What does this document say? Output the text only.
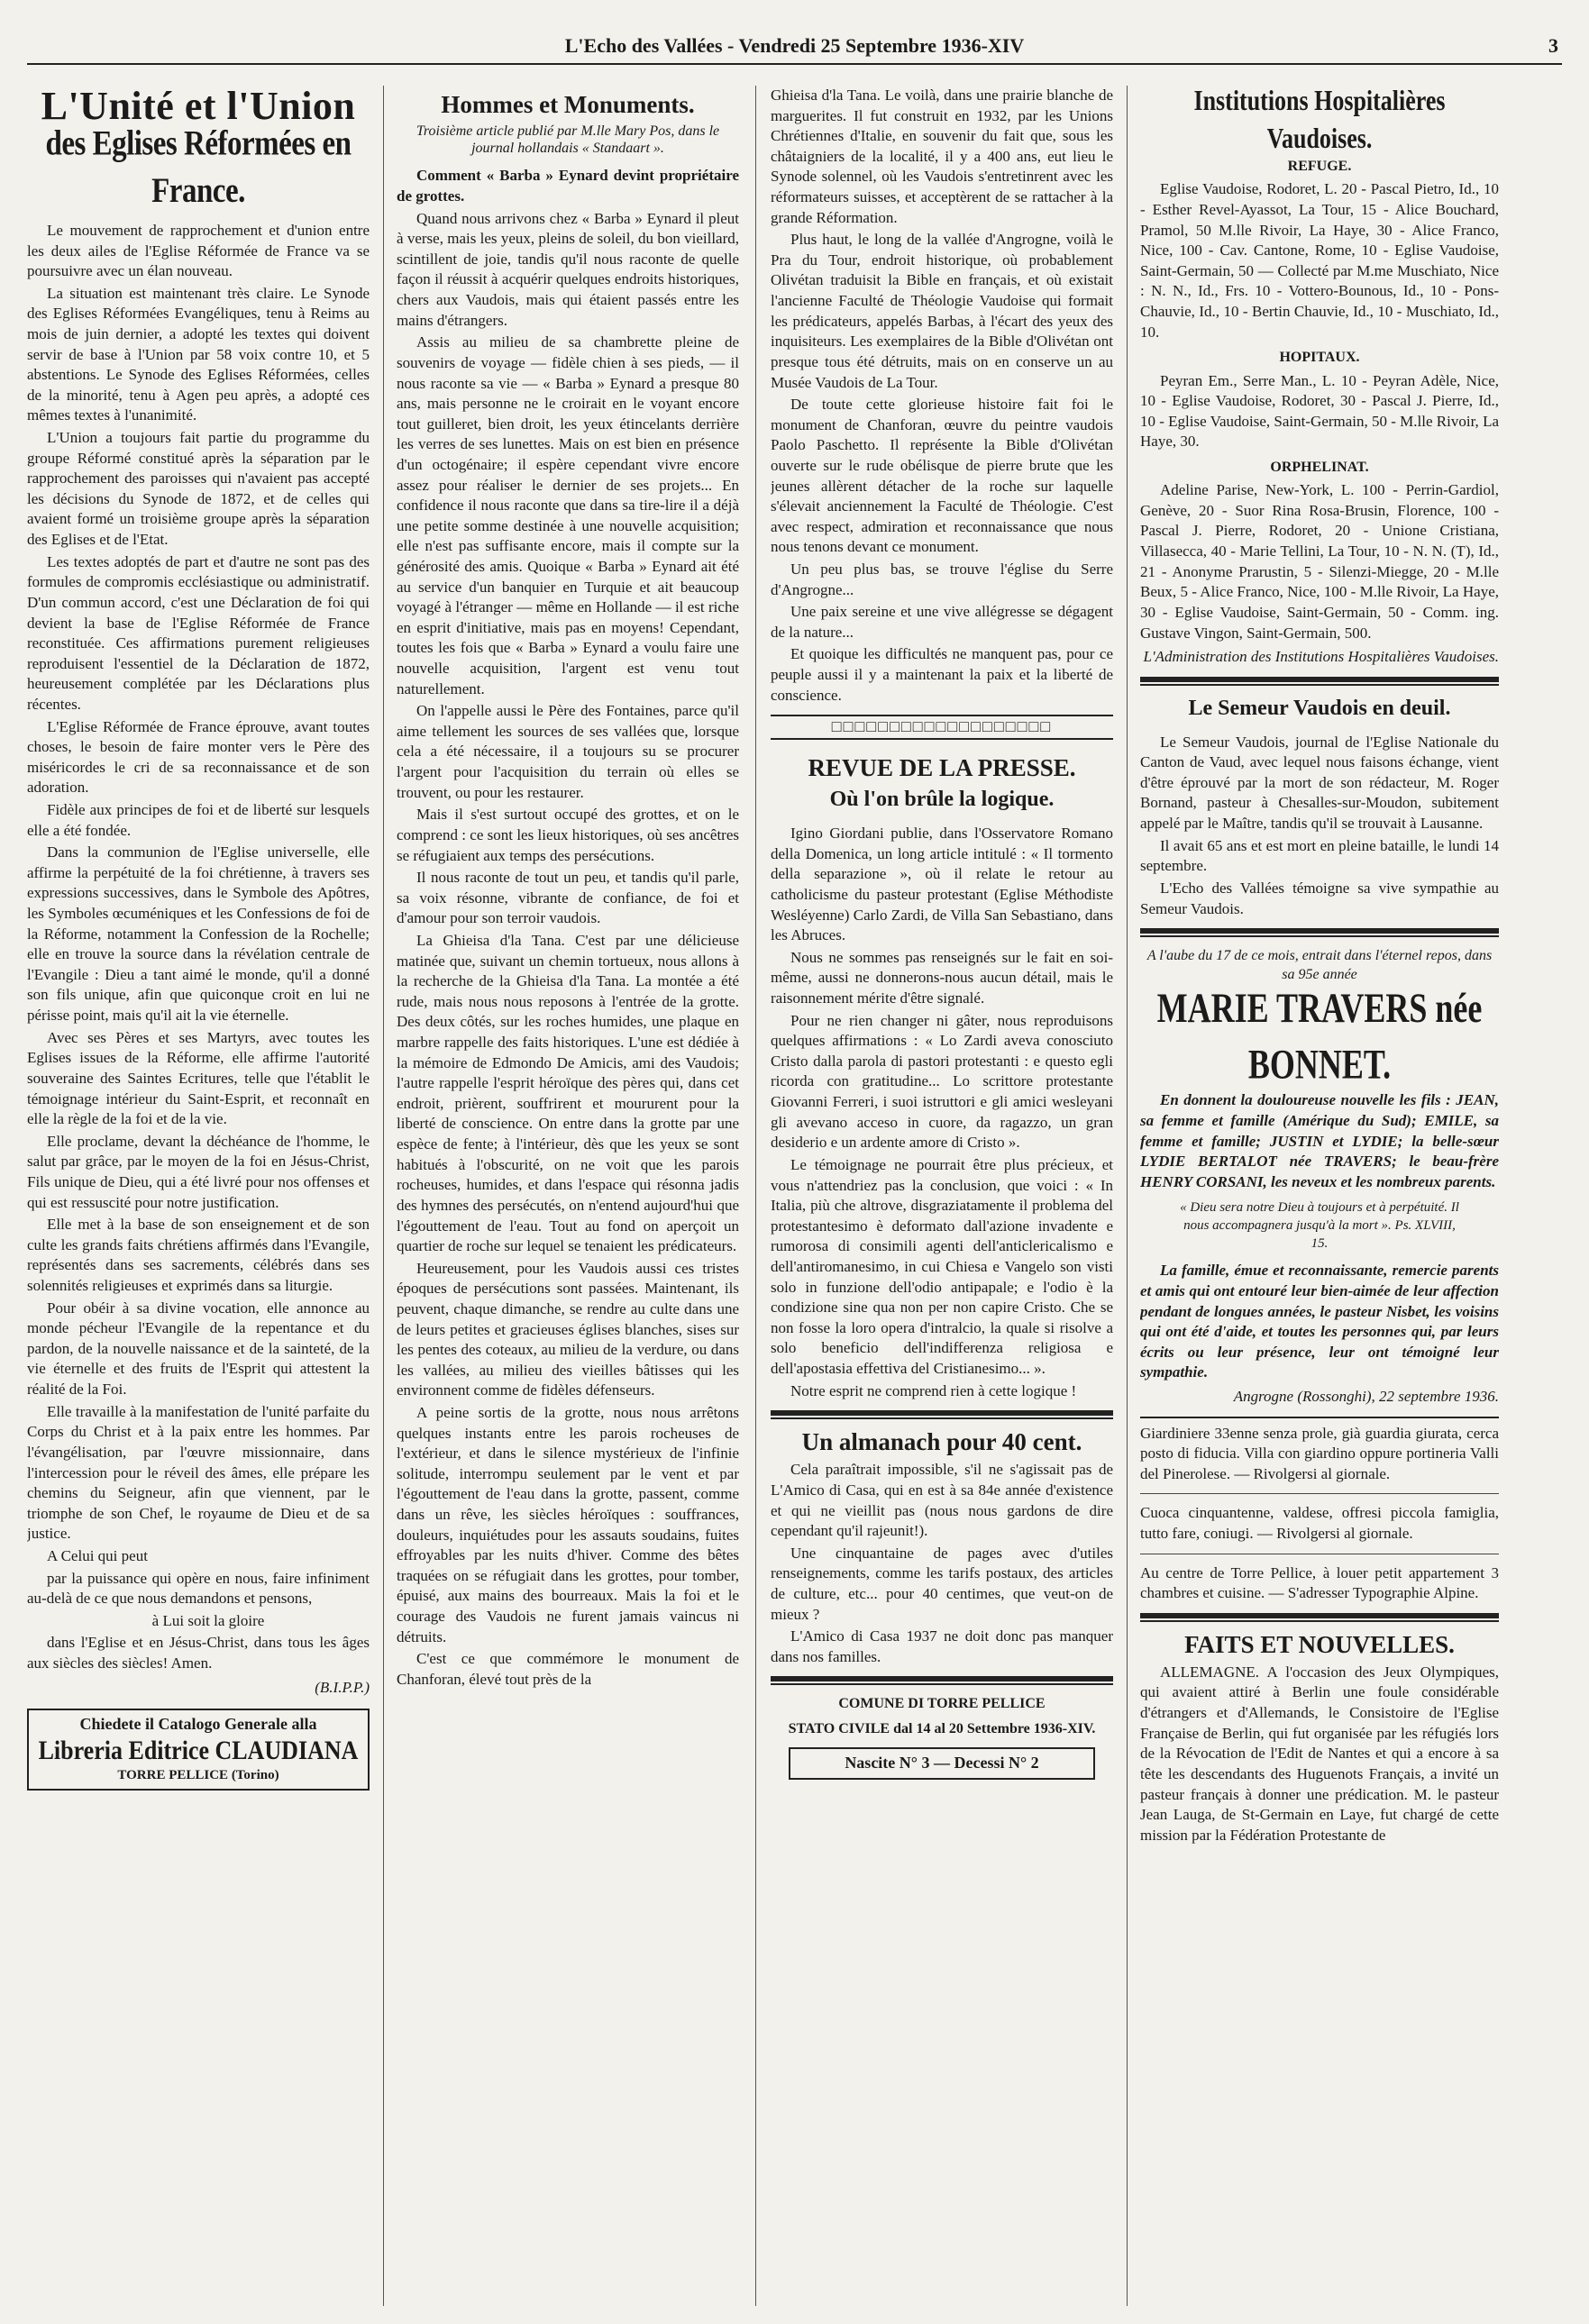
L'Echo des Vallées - Vendredi 25 Septembre 1936-XIV	3
L'Unité et l'Union
des Eglises Réformées en France.

Le mouvement de rapprochement et d'union entre les deux ailes de l'Eglise Réformée de France va se poursuivre avec un élan nouveau.

La situation est maintenant très claire. Le Synode des Eglises Réformées Evangéliques, tenu à Reims au mois de juin dernier, a adopté les textes qui doivent servir de base à l'Union par 58 voix contre 10, et 5 abstentions. Le Synode des Eglises Réformées, celles de la minorité, tenu à Agen peu après, a adopté ces mêmes textes à l'unanimité.

L'Union a toujours fait partie du programme du groupe Réformé constitué après la séparation par le rapprochement des paroisses qui n'avaient pas accepté les décisions du Synode de 1872, et de celles qui avaient formé un troisième groupe après la séparation des Eglises et de l'Etat.

Les textes adoptés de part et d'autre ne sont pas des formules de compromis ecclésiastique ou administratif. D'un commun accord, c'est une Déclaration de foi qui devient la base de l'Eglise Réformée de France reconstituée. Ces affirmations purement religieuses reproduisent l'essentiel de la Déclaration de 1872, heureusement complétée par les Déclarations plus récentes.

L'Eglise Réformée de France éprouve, avant toutes choses, le besoin de faire monter vers le Père des miséricordes le cri de sa reconnaissance et de son adoration.

Fidèle aux principes de foi et de liberté sur lesquels elle a été fondée.

Dans la communion de l'Eglise universelle, elle affirme la perpétuité de la foi chrétienne, à travers ses expressions successives, dans le Symbole des Apôtres, les Symboles œcuméniques et les Confessions de foi de la Réforme, notamment la Confession de la Rochelle; elle en trouve la source dans la révélation centrale de l'Evangile : Dieu a tant aimé le monde, qu'il a donné son fils unique, afin que quiconque croit en lui ne périsse point, mais qu'il ait la vie éternelle.

Avec ses Pères et ses Martyrs, avec toutes les Eglises issues de la Réforme, elle affirme l'autorité souveraine des Saintes Ecritures, telle que l'établit le témoignage intérieur du Saint-Esprit, et reconnaît en elle la règle de la foi et de la vie.

Elle proclame, devant la déchéance de l'homme, le salut par grâce, par le moyen de la foi en Jésus-Christ, Fils unique de Dieu, qui a été livré pour nos offenses et qui est ressuscité pour notre justification.

Elle met à la base de son enseignement et de son culte les grands faits chrétiens affirmés dans l'Evangile, représentés dans ses sacrements, célébrés dans ses solennités religieuses et exprimés dans sa liturgie.

Pour obéir à sa divine vocation, elle annonce au monde pécheur l'Evangile de la repentance et du pardon, de la nouvelle naissance et de la sainteté, de la vie éternelle et des fruits de l'Esprit qui attestent la réalité de la Foi.

Elle travaille à la manifestation de l'unité parfaite du Corps du Christ et à la paix entre les hommes. Par l'évangélisation, par l'œuvre missionnaire, dans l'intercession pour le réveil des âmes, elle prépare les chemins du Seigneur, afin que viennent, par le triomphe de son Chef, le royaume de Dieu et de sa justice.

A Celui qui peut

par la puissance qui opère en nous, faire infiniment au-delà de ce que nous demandons et pensons,

à Lui soit la gloire

dans l'Eglise et en Jésus-Christ, dans tous les âges aux siècles des siècles! Amen.

(B.I.P.P.)
Chiedete il Catalogo Generale alla
Libreria Editrice CLAUDIANA
TORRE PELLICE (Torino)
Hommes et Monuments.
Troisième article publié par M.lle Mary Pos, dans le journal hollandais « Standaart ».

Comment « Barba » Eynard devint propriétaire de grottes.

Quand nous arrivons chez « Barba » Eynard il pleut à verse, mais les yeux, pleins de soleil, du bon vieillard, scintillent de joie, tandis qu'il nous raconte de quelle façon il réussit à acquérir quelques endroits historiques, chers aux Vaudois, mais qui étaient passés entre les mains d'étrangers.

Assis au milieu de sa chambrette pleine de souvenirs de voyage — fidèle chien à ses pieds, — il nous raconte sa vie — « Barba » Eynard a presque 80 ans, mais personne ne le croirait en le voyant encore tout guilleret, bien droit, les yeux étincelants derrière les verres de ses lunettes. Mais on est bien en présence d'un octogénaire; il espère cependant vivre encore assez pour réaliser le dernier de ses projets... En confidence il nous raconte que dans sa tire-lire il a déjà une petite somme destinée à une nouvelle acquisition; elle n'est pas suffisante encore, mais il compte sur la générosité des amis. Quoique « Barba » Eynard ait été au service d'un banquier en Turquie et ait beaucoup voyagé à l'étranger — même en Hollande — il est riche en esprit d'initiative, mais pas en moyens! Cependant, toutes les fois que « Barba » Eynard a voulu faire une nouvelle acquisition, l'argent est venu tout naturellement.

On l'appelle aussi le Père des Fontaines, parce qu'il aime tellement les sources de ses vallées que, lorsque cela a été nécessaire, il a toujours su se procurer l'argent pour l'acquisition du terrain où elles se trouvent, ou pour les restaurer.

Mais il s'est surtout occupé des grottes, et on le comprend : ce sont les lieux historiques, où ses ancêtres se réfugiaient aux temps des persécutions.

Il nous raconte de tout un peu, et tandis qu'il parle, sa voix résonne, vibrante de confiance, de foi et d'amour pour son terroir vaudois.

La Ghieisa d'la Tana. C'est par une délicieuse matinée que, suivant un chemin tortueux, nous allons à la recherche de la Ghieisa d'la Tana. La montée a été rude, mais nous nous reposons à l'entrée de la grotte. Des deux côtés, sur les roches humides, une plaque en marbre rappelle des faits historiques. L'une est dédiée à la mémoire de Edmondo De Amicis, ami des Vaudois; l'autre rappelle l'esprit héroïque des pères qui, dans cet endroit, prièrent, souffrirent et moururent pour la liberté de conscience. On entre dans la grotte par une espèce de fente; à l'intérieur, dès que les yeux se sont habitués à l'obscurité, on ne voit que les parois rocheuses, humides, et dans l'espace qui résonna jadis des hymnes des persécutés, on n'entend aujourd'hui que l'égouttement de l'eau. Tout au fond on aperçoit un quartier de roche sur lequel se tenaient les prédicateurs.

Heureusement, pour les Vaudois aussi ces tristes époques de persécutions sont passées. Maintenant, ils peuvent, chaque dimanche, se rendre au culte dans une de leurs petites et gracieuses églises blanches, sises sur les pentes des coteaux, au milieu de la verdure, ou dans les vallées, au milieu des vieilles bâtisses qui les environnent comme de fidèles défenseurs.

A peine sortis de la grotte, nous nous arrêtons quelques instants entre les parois rocheuses de l'extérieur, et dans le silence mystérieux de l'infinie solitude, interrompu seulement par le vent et par l'égouttement de l'eau dans la grotte, passent, comme dans un rêve, les siècles héroïques : souffrances, douleurs, inquiétudes pour les assauts soudains, fuites effroyables par les nuits d'hiver. Comme des bêtes traquées on se réfugiait dans les grottes, pour tomber, épuisé, aux mains des bourreaux. Mais la foi et le courage des Vaudois ne furent jamais vaincus ni détruits.

C'est ce que commémore le monument de Chanforan, élevé tout près de la

Ghieisa d'la Tana. Le voilà, dans une prairie blanche de marguerites. Il fut construit en 1932, par les Unions Chrétiennes d'Italie, en souvenir du fait que, sous les châtaigniers de la localité, il y a 400 ans, eut lieu le Synode solennel, où les Vaudois s'entretinrent avec les réformateurs suisses, et acceptèrent de se rattacher à la grande Réformation.

Plus haut, le long de la vallée d'Angrogne, voilà le Pra du Tour, endroit historique, où probablement Olivétan traduisit la Bible en français, et où existait l'ancienne Faculté de Théologie Vaudoise qui formait les prédicateurs, appelés Barbas, à l'écart des yeux des inquisiteurs. Les exemplaires de la Bible d'Olivétan ont presque tous été détruits, mais on en conserve un au Musée Vaudois de La Tour.

De toute cette glorieuse histoire fait foi le monument de Chanforan, œuvre du peintre vaudois Paolo Paschetto. Il représente la Bible d'Olivétan ouverte sur le rude obélisque de pierre brute que les jeunes allèrent détacher de la roche sur laquelle s'élevait anciennement la Faculté de Théologie. C'est avec respect, admiration et reconnaissance que nous nous tenons devant ce monument.

Un peu plus bas, se trouve l'église du Serre d'Angrogne...

Une paix sereine et une vive allégresse se dégagent de la nature...

Et quoique les difficultés ne manquent pas, pour ce peuple aussi il y a maintenant la paix et la liberté de conscience.

□□□□□□□□□□□□□□□□□□□
REVUE DE LA PRESSE.
Où l'on brûle la logique.

Igino Giordani publie, dans l'Osservatore Romano della Domenica, un long article intitulé : « Il tormento della separazione », où il relate le retour au catholicisme du pasteur protestant (Eglise Méthodiste Wesléyenne) Carlo Zardi, de Villa San Sebastiano, dans les Abruces.

Nous ne sommes pas renseignés sur le fait en soi-même, aussi ne donnerons-nous aucun détail, mais le raisonnement mérite d'être signalé.

Pour ne rien changer ni gâter, nous reproduisons quelques affirmations : « Lo Zardi aveva conosciuto Cristo dalla parola di pastori protestanti : e questo egli ricorda con gratitudine... Lo scrittore protestante Giovanni Ferreri, i suoi istruttori e gli amici wesleyani gli avevano acceso in cuore, da ragazzo, un gran desiderio e un ardente amore di Cristo ».

Le témoignage ne pourrait être plus précieux, et vous n'attendriez pas la conclusion, que voici : « In Italia, più che altrove, disgraziatamente il problema del protestantesimo è deformato dall'azione invadente e rumorosa di consimili agenti dell'anticlericalismo e dell'antiromanesimo, in cui Chiesa e Vangelo son visti solo in funzione dell'odio antipapale; e l'odio è la condizione sine qua non per non capire Cristo. Che se non fosse la loro opera d'intralcio, la quale si risolve a solo beneficio dell'indifferenza religiosa e dell'apostasia effettiva del Cristianesimo... ».

Notre esprit ne comprend rien à cette logique !

Un almanach pour 40 cent.

Cela paraîtrait impossible, s'il ne s'agissait pas de L'Amico di Casa, qui en est à sa 84e année d'existence et qui ne vieillit pas (nous nous gardons de dire cependant qu'il rajeunit!).

Une cinquantaine de pages avec d'utiles renseignements, comme les tarifs postaux, des articles de culture, etc... pour 40 centimes, que veut-on de mieux ?

L'Amico di Casa 1937 ne doit donc pas manquer dans nos familles.

COMUNE DI TORRE PELLICE
STATO CIVILE dal 14 al 20 Settembre 1936-XIV.
Nascite N° 3 — Decessi N° 2
Institutions Hospitalières Vaudoises.
REFUGE.

Eglise Vaudoise, Rodoret, L. 20 - Pascal Pietro, Id., 10 - Esther Revel-Ayassot, La Tour, 15 - Alice Bouchard, Pramol, 50 M.lle Rivoir, La Haye, 30 - Alice Franco, Nice, 100 - Cav. Cantone, Rome, 10 - Eglise Vaudoise, Saint-Germain, 50 — Collecté par M.me Muschiato, Nice : N. N., Id., Frs. 10 - Vottero-Bounous, Id., 10 - Pons-Chauvie, Id., 10 - Bertin Chauvie, Id., 10 - Muschiato, Id., 10.

HOPITAUX.

Peyran Em., Serre Man., L. 10 - Peyran Adèle, Nice, 10 - Eglise Vaudoise, Rodoret, 30 - Pascal J. Pierre, Id., 10 - Eglise Vaudoise, Saint-Germain, 50 - M.lle Rivoir, La Haye, 30.

ORPHELINAT.

Adeline Parise, New-York, L. 100 - Perrin-Gardiol, Genève, 20 - Suor Rina Rosa-Brusin, Florence, 100 - Pascal J. Pierre, Rodoret, 20 - Unione Cristiana, Villasecca, 40 - Marie Tellini, La Tour, 10 - N. N. (T), Id., 21 - Anonyme Prarustin, 5 - Silenzi-Miegge, 20 - M.lle Beux, 5 - Alice Franco, Nice, 100 - M.lle Rivoir, La Haye, 30 - Eglise Vaudoise, Saint-Germain, 50 - Comm. ing. Gustave Vingon, Saint-Germain, 500.

L'Administration des Institutions Hospitalières Vaudoises.
Le Semeur Vaudois en deuil.

Le Semeur Vaudois, journal de l'Eglise Nationale du Canton de Vaud, avec lequel nous faisons échange, vient d'être éprouvé par la mort de son rédacteur, M. Roger Bornand, pasteur à Chesalles-sur-Moudon, subitement appelé par le Maître, tandis qu'il se trouvait à Lausanne.

Il avait 65 ans et est mort en pleine bataille, le lundi 14 septembre.

L'Echo des Vallées témoigne sa vive sympathie au Semeur Vaudois.

A l'aube du 17 de ce mois, entrait dans l'éternel repos, dans sa 95e année
MARIE TRAVERS née BONNET.

En donnent la douloureuse nouvelle les fils : JEAN, sa femme et famille (Amérique du Sud); EMILE, sa femme et famille; JUSTIN et LYDIE; la belle-sœur LYDIE BERTALOT née TRAVERS; le beau-frère HENRY CORSANI, les neveux et les nombreux parents.

« Dieu sera notre Dieu à toujours et à perpétuité. Il nous accompagnera jusqu'à la mort ». Ps. XLVIII, 15.

La famille, émue et reconnaissante, remercie parents et amis qui ont entouré leur bien-aimée de leur affection pendant de longues années, le pasteur Nisbet, les voisins qui ont été d'aide, et toutes les personnes qui, par leurs écrits ou leur présence, leur ont témoigné leur sympathie.

Angrogne (Rossonghi), 22 septembre 1936.

Giardiniere 33enne senza prole, già guardia giurata, cerca posto di fiducia. Villa con giardino oppure portineria Valli del Pinerolese. — Rivolgersi al giornale.

Cuoca cinquantenne, valdese, offresi piccola famiglia, tutto fare, coniugi. — Rivolgersi al giornale.

Au centre de Torre Pellice, à louer petit appartement 3 chambres et cuisine. — S'adresser Typographie Alpine.

FAITS ET NOUVELLES.

ALLEMAGNE. A l'occasion des Jeux Olympiques, qui avaient attiré à Berlin une foule considérable d'étrangers et d'Allemands, le Consistoire de l'Eglise Française de Berlin, qui fut organisée par les réfugiés lors de la Révocation de l'Edit de Nantes et qui a encore à sa tête les descendants des Huguenots Français, a invité un pasteur français à donner une prédication. M. le pasteur Jean Lauga, de St-Germain en Laye, fut chargé de cette mission par la Fédération Protestante de
